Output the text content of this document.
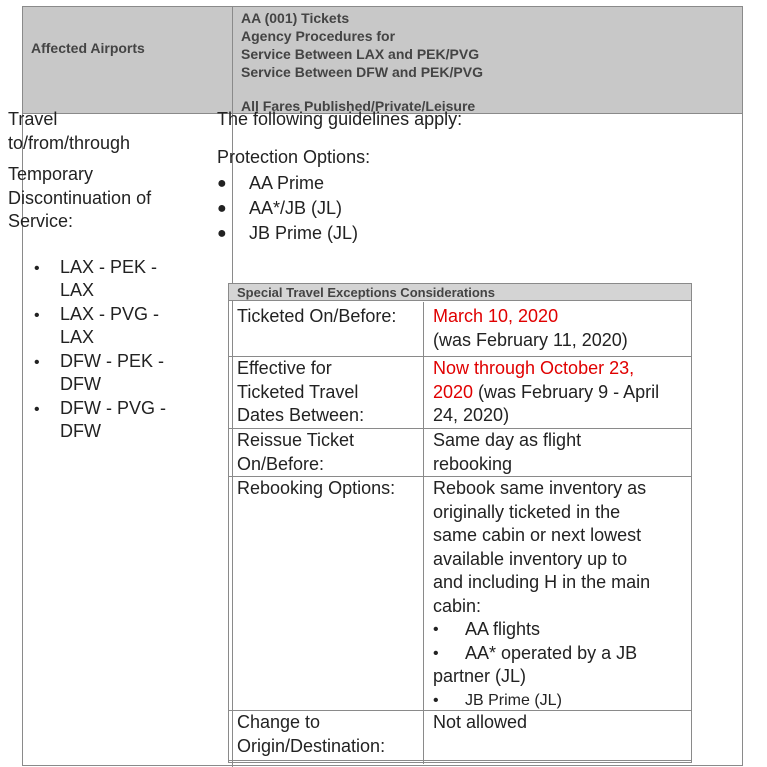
Affected Airports
AA (001) Tickets
Agency Procedures for
Service Between LAX and PEK/PVG
Service Between DFW and PEK/PVG
All Fares Published/Private/Leisure

Travel

to/from/through

Temporary

Discontinuation of

Service:

• LAX - PEK -
LAX
• LAX - PVG -
LAX
• DFW - PEK -
DFW
• DFW - PVG -
DFW

The following guidelines apply:

Protection Options:

● AA Prime
● AA*/JB (JL)
● JB Prime (JL)
Special Travel Exceptions Considerations
Ticketed On/Before:	March 10, 2020
(was February 11, 2020)
Effective for
Ticketed Travel
Dates Between:
Now through October 23,
2020 (was February 9 - April
24, 2020)
Reissue Ticket
On/Before:
Same day as flight
rebooking
Rebooking Options:	Rebook same inventory as
originally ticketed in the
same cabin or next lowest
available inventory up to
and including H in the main
cabin:
• AA flights
• AA* operated by a JB
partner (JL)
• JB Prime (JL)
Change to
Origin/Destination:
Not allowed
